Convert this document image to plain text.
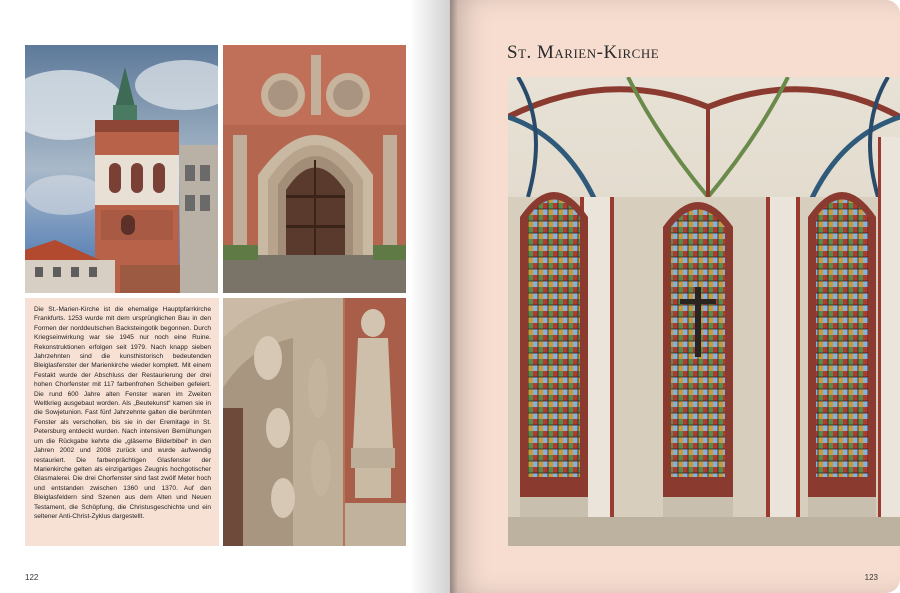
Die St.-Marien-Kirche ist die ehemalige Hauptpfarrkirche Frankfurts. 1253 wurde mit dem ursprünglichen Bau in den Formen der norddeutschen Backsteingotik begonnen. Durch Kriegseinwirkung war sie 1945 nur noch eine Ruine. Rekonstruktionen erfolgen seit 1979. Nach knapp sieben Jahrzehnten sind die kunsthistorisch bedeutenden Bleiglasfenster der Marienkirche wieder komplett. Mit einem Festakt wurde der Abschluss der Restaurierung der drei hohen Chorfenster mit 117 farbenfrohen Scheiben gefeiert. Die rund 600 Jahre alten Fenster waren im Zweiten Weltkrieg ausgebaut worden. Als „Beutekunst“ kamen sie in die Sowjetunion. Fast fünf Jahrzehnte galten die berühmten Fenster als verschollen, bis sie in der Eremitage in St. Petersburg entdeckt wurden. Nach intensiven Bemühungen um die Rückgabe kehrte die „gläserne Bilderbibel“ in den Jahren 2002 und 2008 zurück und wurde aufwendig restauriert. Die farbenprächtigen Glasfenster der Marienkirche gelten als einzigartiges Zeugnis hochgotischer Glasmalerei. Die drei Chorfenster sind fast zwölf Meter hoch und entstanden zwischen 1360 und 1370. Auf den Bleiglasfeldern sind Szenen aus dem Alten und Neuen Testament, die Schöpfung, die Christusgeschichte und ein seltener Anti-Christ-Zyklus dargestellt.

122	123
St. Marien-Kirche
